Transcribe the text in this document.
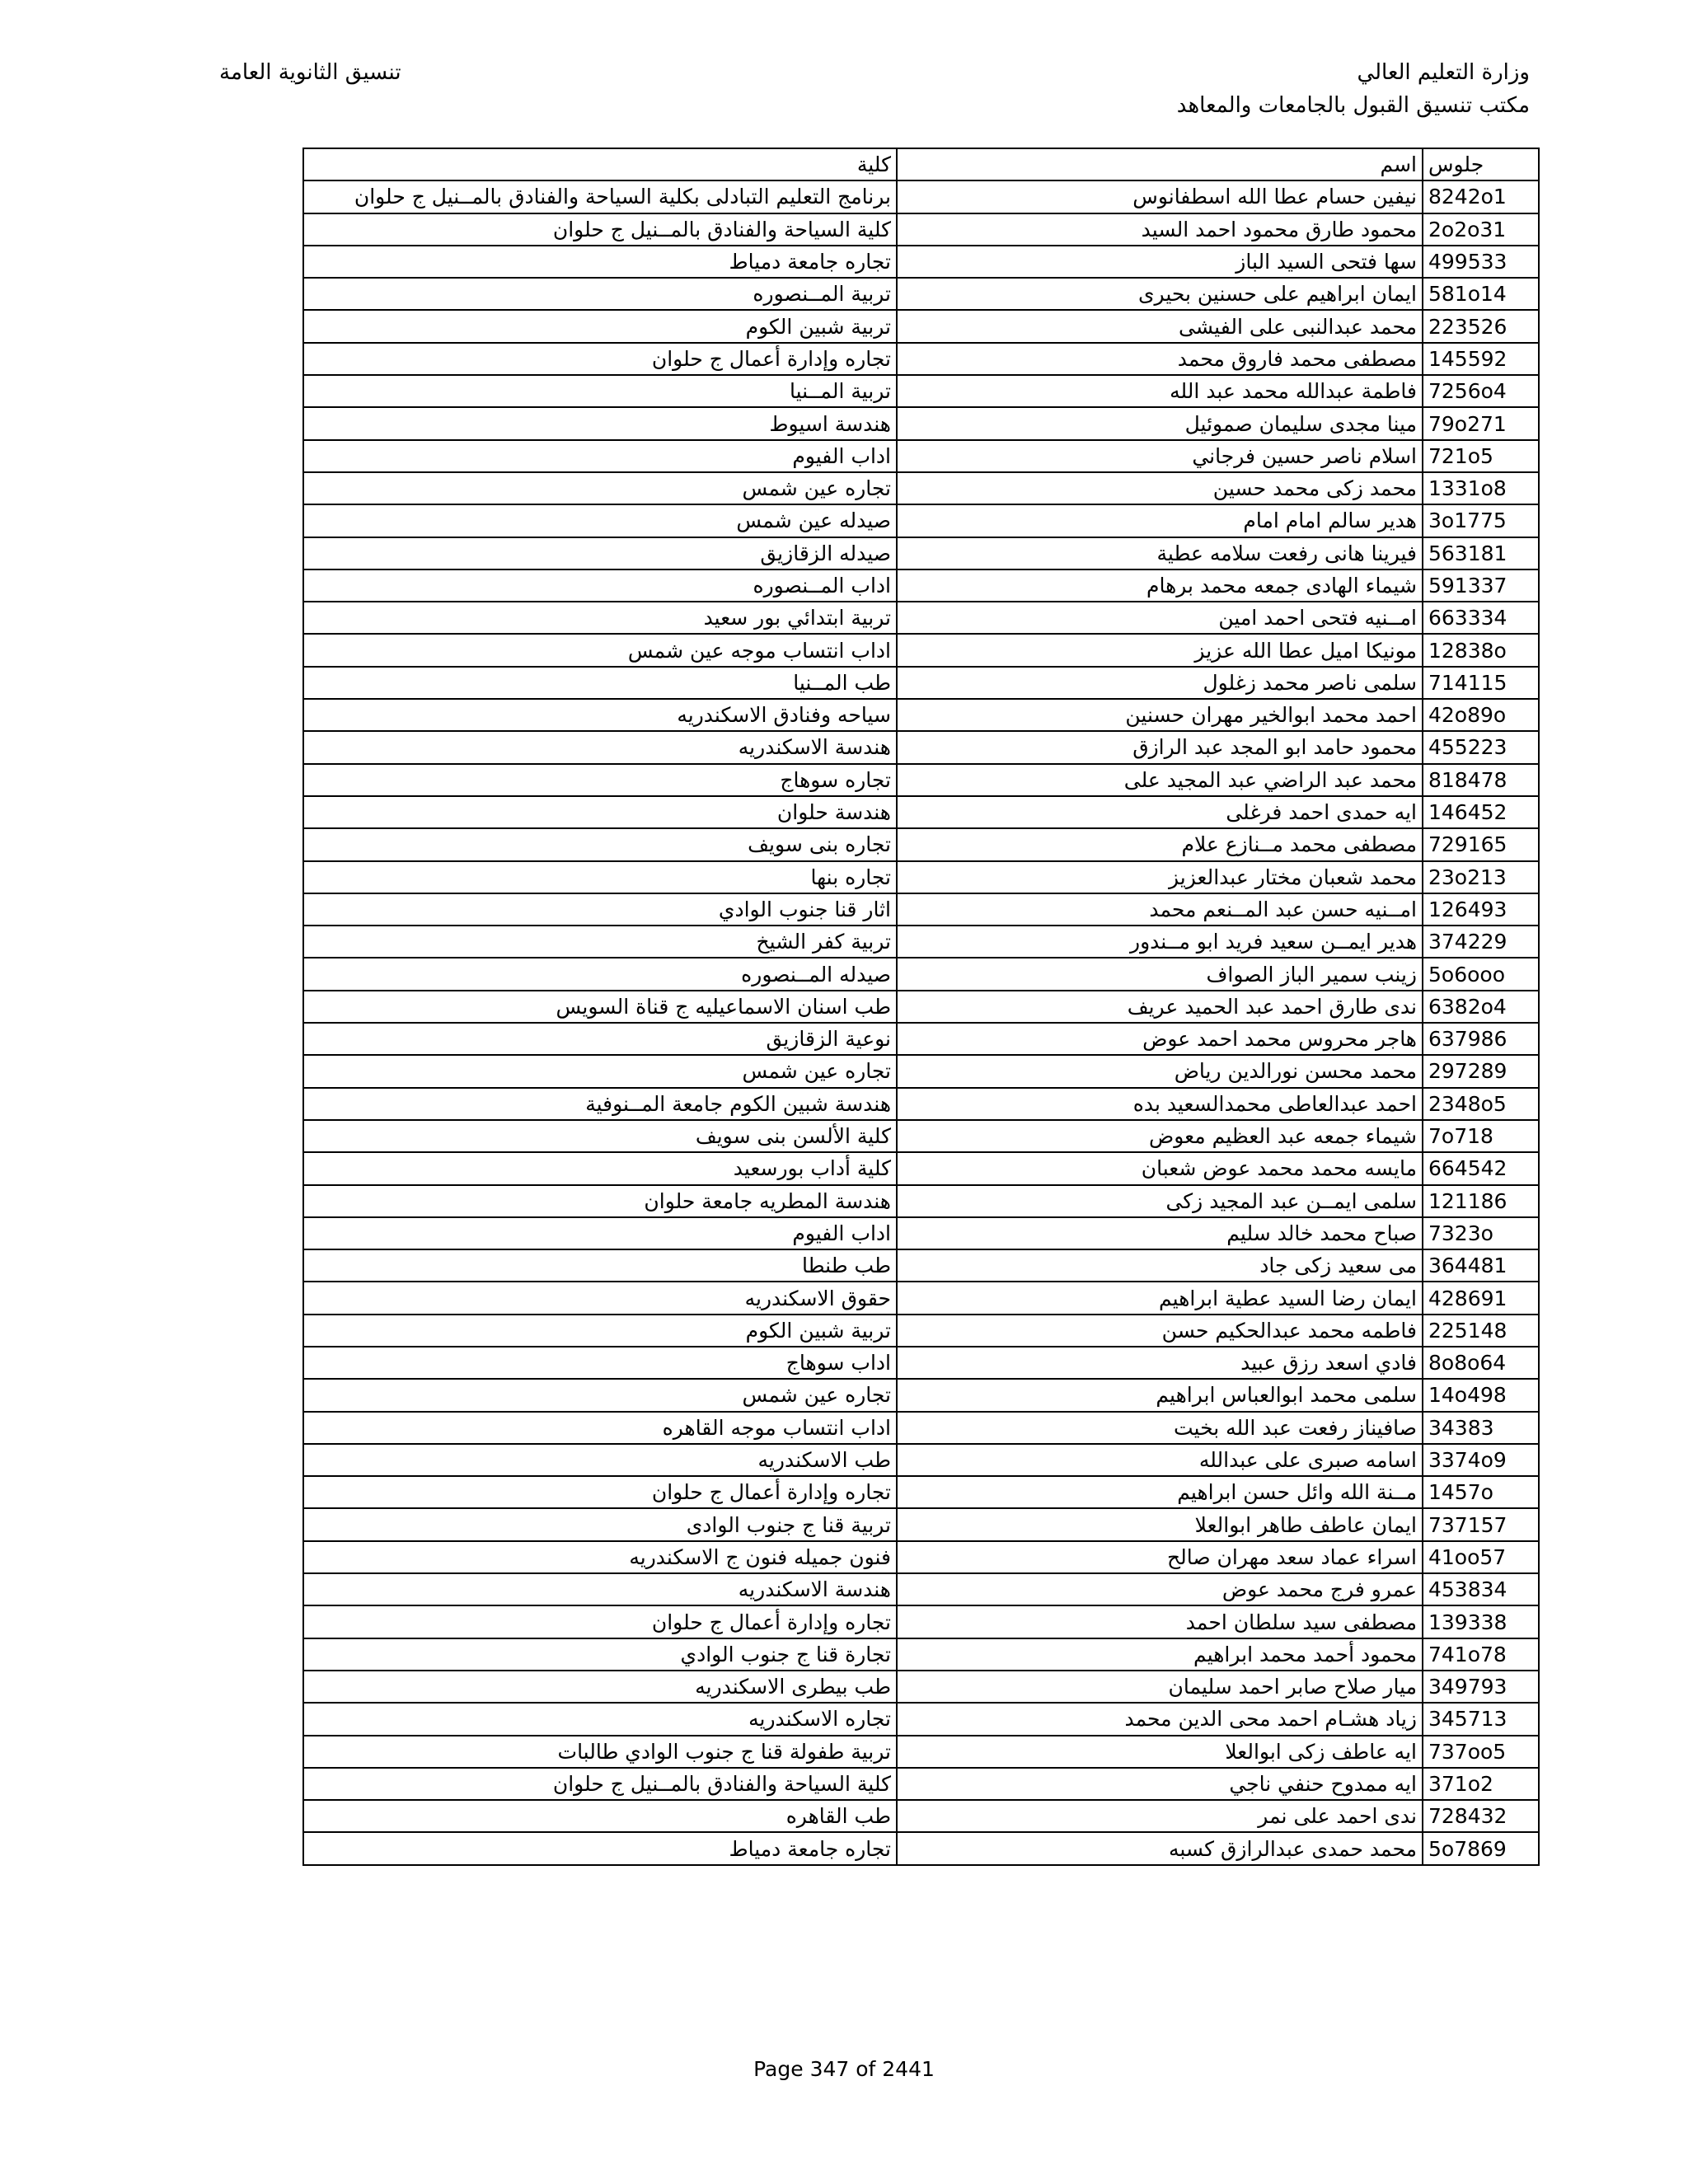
وزارة التعليم العالي
مكتب تنسيق القبول بالجامعات والمعاهد
تنسيق الثانوية العامة
جلوس	اسم	كلية
8242o1	نيفين حسام عطا الله اسطفانوس	برنامج التعليم التبادلى بكلية السياحة والفنادق بالمــنيل ج حلوان
2o2o31	محمود طارق محمود احمد السيد	كلية السياحة والفنادق بالمــنيل ج حلوان
499533	سها فتحى السيد الباز	تجاره جامعة دمياط
581o14	ايمان ابراهيم على حسنين بحيرى	تربية المــنصوره
223526	محمد عبدالنبى على الفيشى	تربية شبين الكوم
145592	مصطفى محمد فاروق محمد	تجاره وإدارة أعمال ج حلوان
7256o4	فاطمة عبدالله محمد عبد الله	تربية المــنيا
79o271	مينا مجدى سليمان صموئيل	هندسة اسيوط
721o5	اسلام ناصر حسين فرجاني	اداب الفيوم
1331o8	محمد زكى محمد حسين	تجاره عين شمس
3o1775	هدير سالم امام امام	صيدله عين شمس
563181	فيرينا هانى رفعت سلامه عطية	صيدله الزقازيق
591337	شيماء الهادى جمعه محمد برهام	اداب المــنصوره
663334	امــنيه فتحى احمد امين	تربية ابتدائي بور سعيد
12838o	مونيكا اميل عطا الله عزيز	اداب انتساب موجه عين شمس
714115	سلمى ناصر محمد زغلول	طب المــنيا
42o89o	احمد محمد ابوالخير مهران حسنين	سياحه وفنادق الاسكندريه
455223	محمود حامد ابو المجد عبد الرازق	هندسة الاسكندريه
818478	محمد عبد الراضي عبد المجيد على	تجاره سوهاج
146452	ايه حمدى احمد فرغلى	هندسة حلوان
729165	مصطفى محمد مــنازع علام	تجاره بنى سويف
23o213	محمد شعبان مختار عبدالعزيز	تجاره بنها
126493	امــنيه حسن عبد المــنعم محمد	اثار قنا جنوب الوادي
374229	هدير ايمــن سعيد فريد ابو مــندور	تربية كفر الشيخ
5o6ooo	زينب سمير الباز الصواف	صيدله المــنصوره
6382o4	ندى طارق احمد عبد الحميد عريف	طب اسنان الاسماعيليه ج قناة السويس
637986	هاجر محروس محمد احمد عوض	نوعية الزقازيق
297289	محمد محسن نورالدين رياض	تجاره عين شمس
2348o5	احمد عبدالعاطى محمدالسعيد بده	هندسة شبين الكوم جامعة المــنوفية
7o718	شيماء جمعه عبد العظيم معوض	كلية الألسن بنى سويف
664542	مايسه محمد محمد عوض شعبان	كلية أداب بورسعيد
121186	سلمى ايمــن عبد المجيد زكى	هندسة المطريه جامعة حلوان
7323o	صباح محمد خالد سليم	اداب الفيوم
364481	مى سعيد زكى جاد	طب طنطا
428691	ايمان رضا السيد عطية ابراهيم	حقوق الاسكندريه
225148	فاطمه محمد عبدالحكيم حسن	تربية شبين الكوم
8o8o64	فادي اسعد رزق عبيد	اداب سوهاج
14o498	سلمى محمد ابوالعباس ابراهيم	تجاره عين شمس
34383	صافيناز رفعت عبد الله بخيت	اداب انتساب موجه القاهره
3374o9	اسامه صبرى على عبدالله	طب الاسكندريه
1457o	مــنة الله وائل حسن ابراهيم	تجاره وإدارة أعمال ج حلوان
737157	ايمان عاطف طاهر ابوالعلا	تربية قنا ج جنوب الوادى
41oo57	اسراء عماد سعد مهران صالح	فنون جميله فنون ج الاسكندريه
453834	عمرو فرج محمد عوض	هندسة الاسكندريه
139338	مصطفى سيد سلطان احمد	تجاره وإدارة أعمال ج حلوان
741o78	محمود أحمد محمد ابراهيم	تجارة قنا ج جنوب الوادي
349793	ميار صلاح صابر احمد سليمان	طب بيطرى الاسكندريه
345713	زياد هشـام احمد محى الدين محمد	تجاره الاسكندريه
737oo5	ايه عاطف زكى ابوالعلا	تربية طفولة قنا ج جنوب الوادي طالبات
371o2	ايه ممدوح حنفي ناجي	كلية السياحة والفنادق بالمــنيل ج حلوان
728432	ندى احمد على نمر	طب القاهره
5o7869	محمد حمدى عبدالرازق كسبه	تجاره جامعة دمياط
Page 347 of 2441
